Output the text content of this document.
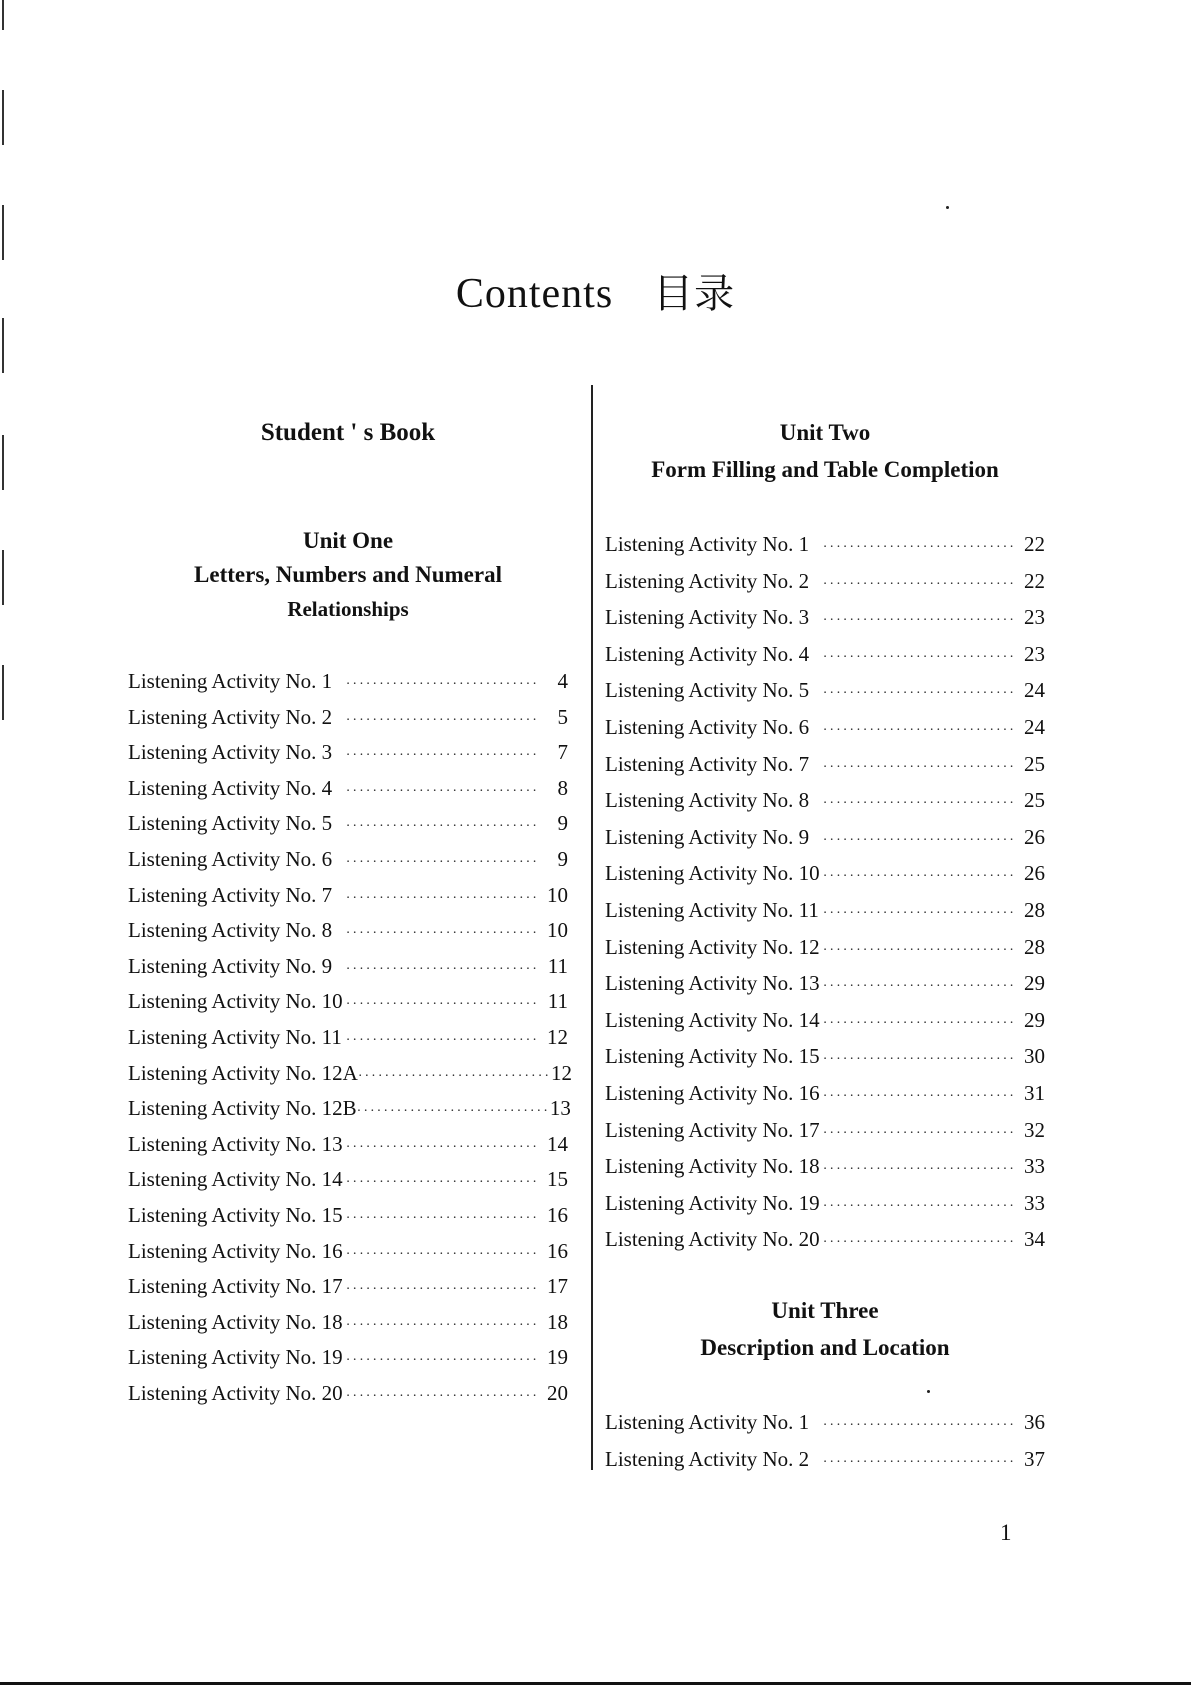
Contents 目录
Student ' s Book
Unit One
Letters, Numbers and Numeral
Relationships
Listening Activity No. 1 ····························· 4
Listening Activity No. 2 ····························· 5
Listening Activity No. 3 ····························· 7
Listening Activity No. 4 ····························· 8
Listening Activity No. 5 ····························· 9
Listening Activity No. 6 ····························· 9
Listening Activity No. 7 ····························· 10
Listening Activity No. 8 ····························· 10
Listening Activity No. 9 ····························· 11
Listening Activity No. 10 ····························· 11
Listening Activity No. 11 ····························· 12
Listening Activity No. 12A ····························· 12
Listening Activity No. 12B ····························· 13
Listening Activity No. 13 ····························· 14
Listening Activity No. 14 ····························· 15
Listening Activity No. 15 ····························· 16
Listening Activity No. 16 ····························· 16
Listening Activity No. 17 ····························· 17
Listening Activity No. 18 ····························· 18
Listening Activity No. 19 ····························· 19
Listening Activity No. 20 ····························· 20
Unit Two
Form Filling and Table Completion
Listening Activity No. 1 ····························· 22
Listening Activity No. 2 ····························· 22
Listening Activity No. 3 ····························· 23
Listening Activity No. 4 ····························· 23
Listening Activity No. 5 ····························· 24
Listening Activity No. 6 ····························· 24
Listening Activity No. 7 ····························· 25
Listening Activity No. 8 ····························· 25
Listening Activity No. 9 ····························· 26
Listening Activity No. 10 ····························· 26
Listening Activity No. 11 ····························· 28
Listening Activity No. 12 ····························· 28
Listening Activity No. 13 ····························· 29
Listening Activity No. 14 ····························· 29
Listening Activity No. 15 ····························· 30
Listening Activity No. 16 ····························· 31
Listening Activity No. 17 ····························· 32
Listening Activity No. 18 ····························· 33
Listening Activity No. 19 ····························· 33
Listening Activity No. 20 ····························· 34
Unit Three
Description and Location
Listening Activity No. 1 ····························· 36
Listening Activity No. 2 ····························· 37
1
